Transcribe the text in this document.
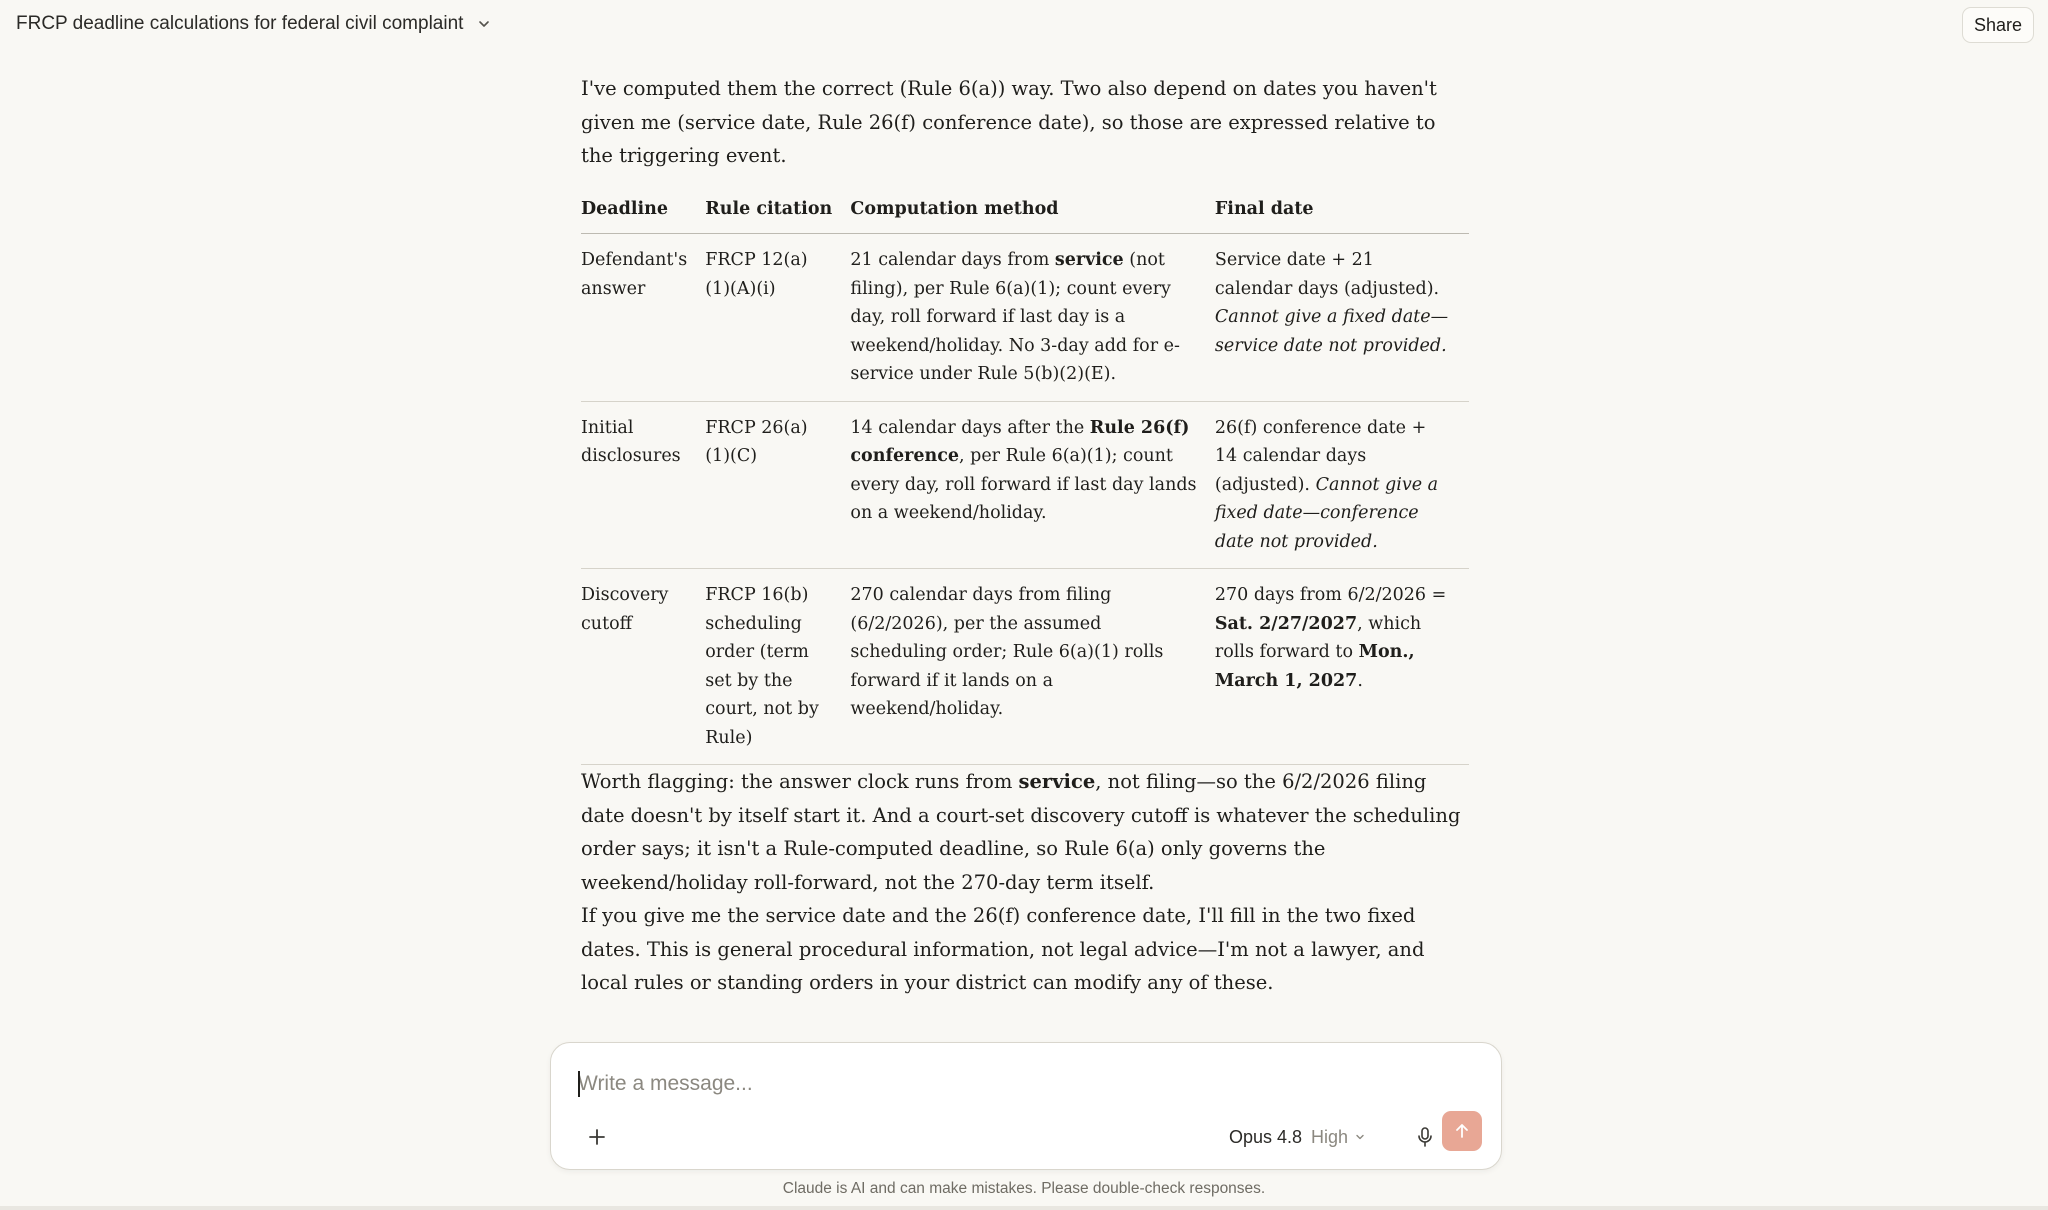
FRCP deadline calculations for federal civil complaint	Share

I've computed them the correct (Rule 6(a)) way. Two also depend on dates you haven't given me (service date, Rule 26(f) conference date), so those are expressed relative to the triggering event.

Deadline	Rule citation	Computation method	Final date
Defendant's answer	FRCP 12(a)(1)(A)(i)	21 calendar days from service (not filing), per Rule 6(a)(1); count every day, roll forward if last day is a weekend/holiday. No 3-day add for e-service under Rule 5(b)(2)(E).	Service date + 21 calendar days (adjusted). Cannot give a fixed date—service date not provided.
Initial disclosures	FRCP 26(a)(1)(C)	14 calendar days after the Rule 26(f) conference, per Rule 6(a)(1); count every day, roll forward if last day lands on a weekend/holiday.	26(f) conference date + 14 calendar days (adjusted). Cannot give a fixed date—conference date not provided.
Discovery cutoff	FRCP 16(b) scheduling order (term set by the court, not by Rule)	270 calendar days from filing (6/2/2026), per the assumed scheduling order; Rule 6(a)(1) rolls forward if it lands on a weekend/holiday.	270 days from 6/2/2026 = Sat. 2/27/2027, which rolls forward to Mon., March 1, 2027.

Worth flagging: the answer clock runs from service, not filing—so the 6/2/2026 filing date doesn't by itself start it. And a court-set discovery cutoff is whatever the scheduling order says; it isn't a Rule-computed deadline, so Rule 6(a) only governs the weekend/holiday roll-forward, not the 270-day term itself.

If you give me the service date and the 26(f) conference date, I'll fill in the two fixed dates. This is general procedural information, not legal advice—I'm not a lawyer, and local rules or standing orders in your district can modify any of these.

Write a message...
Opus 4.8 High
Claude is AI and can make mistakes. Please double-check responses.
